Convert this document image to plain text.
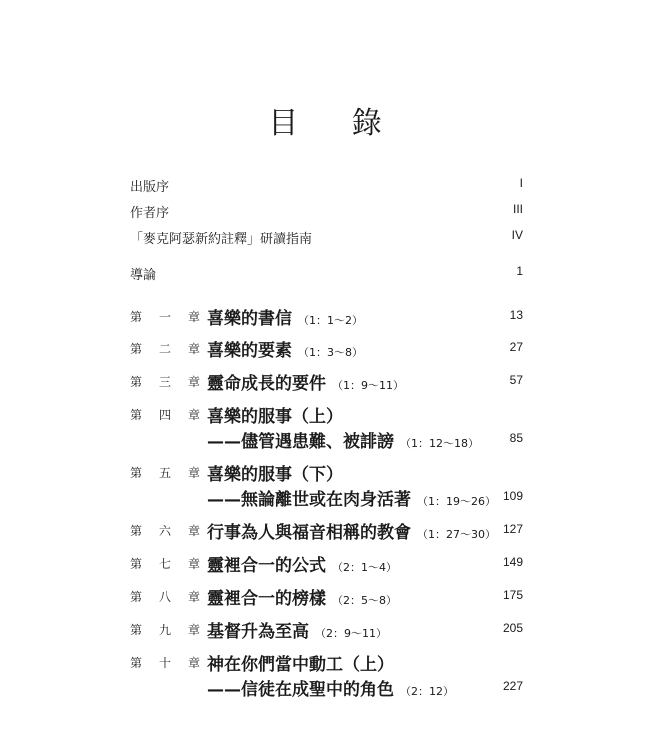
目 錄
出版序	I
作者序	III
「麥克阿瑟新約註釋」研讀指南	IV
導論	1
第 一 章 喜樂的書信 （1：1～2）	13
第 二 章 喜樂的要素 （1：3～8）	27
第 三 章 靈命成長的要件 （1：9～11）	57
第 四 章 喜樂的服事（上）
——儘管遇患難、被誹謗 （1：12～18）	85
第 五 章 喜樂的服事（下）
——無論離世或在肉身活著 （1：19～26） 109
第 六 章 行事為人與福音相稱的教會 （1：27～30） 127
第 七 章 靈裡合一的公式 （2：1～4）	149
第 八 章 靈裡合一的榜樣 （2：5～8）	175
第 九 章 基督升為至高 （2：9～11）	205
第 十 章 神在你們當中動工（上）
——信徒在成聖中的角色 （2：12）	227
